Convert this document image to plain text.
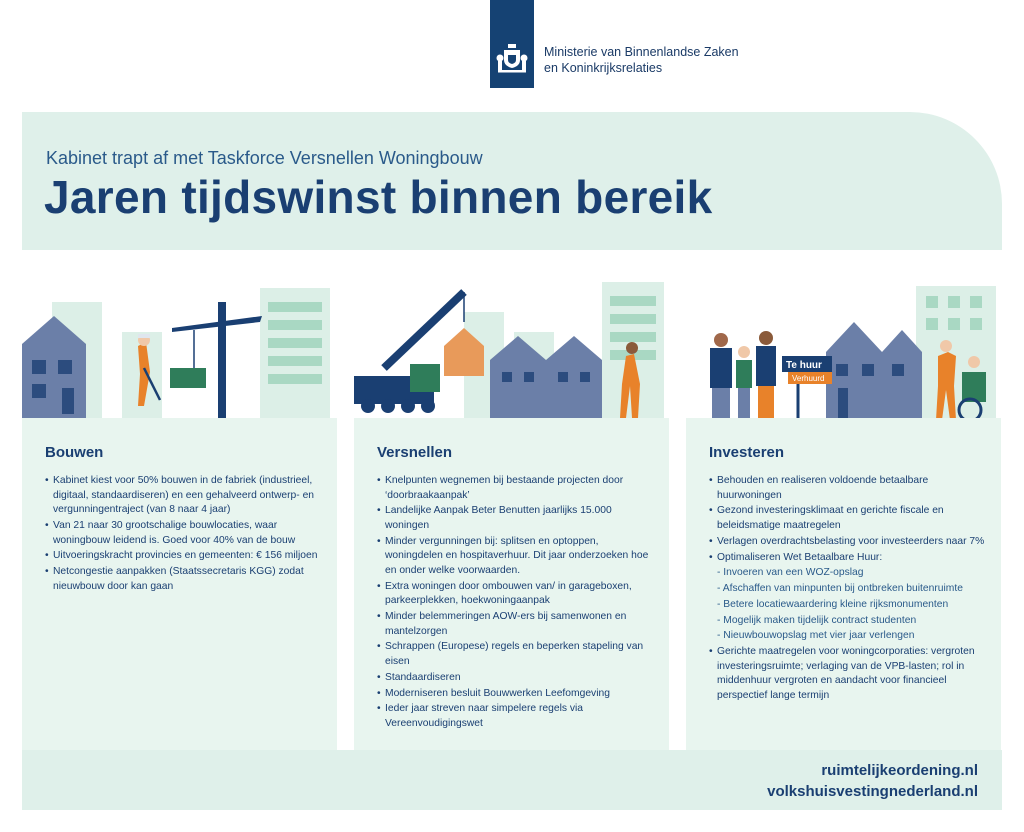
Ministerie van Binnenlandse Zaken
en Koninkrijksrelaties
Kabinet trapt af met Taskforce Versnellen Woningbouw
Jaren tijdswinst binnen bereik
Bouwen
• Kabinet kiest voor 50% bouwen in de fabriek (industrieel, digitaal, standaardiseren) en een gehalveerd ontwerp- en vergunningentraject (van 8 naar 4 jaar)
• Van 21 naar 30 grootschalige bouwlocaties, waar woningbouw leidend is. Goed voor 40% van de bouw
• Uitvoeringskracht provincies en gemeenten: € 156 miljoen
• Netcongestie aanpakken (Staatssecretaris KGG) zodat nieuwbouw door kan gaan
Versnellen
• Knelpunten wegnemen bij bestaande projecten door ‘doorbraakaanpak’
• Landelijke Aanpak Beter Benutten jaarlijks 15.000 woningen
• Minder vergunningen bij: splitsen en optoppen, woningdelen en hospitaverhuur. Dit jaar onderzoeken hoe en onder welke voorwaarden.
• Extra woningen door ombouwen van/ in garageboxen, parkeerplekken, hoekwoningaanpak
• Minder belemmeringen AOW-ers bij samenwonen en mantelzorgen
• Schrappen (Europese) regels en beperken stapeling van eisen
• Standaardiseren
• Moderniseren besluit Bouwwerken Leefomgeving
• Ieder jaar streven naar simpelere regels via Vereenvoudigingswet
Te huur
Verhuurd
Investeren
• Behouden en realiseren voldoende betaalbare huurwoningen
• Gezond investeringsklimaat en gerichte fiscale en beleidsmatige maatregelen
• Verlagen overdrachtsbelasting voor investeerders naar 7%
• Optimaliseren Wet Betaalbare Huur:
- Invoeren van een WOZ-opslag
- Afschaffen van minpunten bij ontbreken buitenruimte
- Betere locatiewaardering kleine rijksmonumenten
- Mogelijk maken tijdelijk contract studenten
- Nieuwbouwopslag met vier jaar verlengen
• Gerichte maatregelen voor woningcorporaties: vergroten investeringsruimte; verlaging van de VPB-lasten; rol in middenhuur vergroten en aandacht voor financieel perspectief lange termijn
ruimtelijkeordening.nl
volkshuisvestingnederland.nl
